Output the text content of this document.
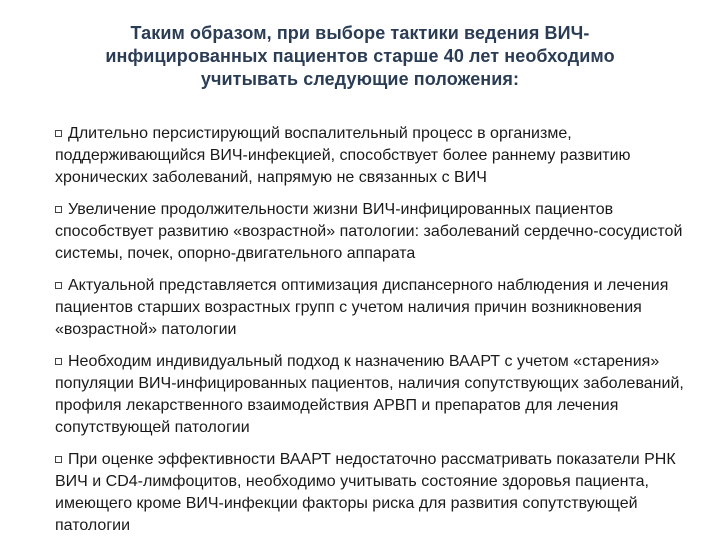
Таким образом, при выборе тактики ведения ВИЧ-инфицированных пациентов старше 40 лет необходимо учитывать следующие положения:
Длительно персистирующий воспалительный процесс в организме, поддерживающийся ВИЧ-инфекцией, способствует более раннему развитию хронических заболеваний, напрямую не связанных с ВИЧ
Увеличение продолжительности жизни ВИЧ-инфицированных пациентов способствует развитию «возрастной» патологии: заболеваний сердечно-сосудистой системы, почек, опорно-двигательного аппарата
Актуальной представляется оптимизация диспансерного наблюдения и лечения пациентов старших возрастных групп с учетом наличия причин возникновения «возрастной» патологии
Необходим индивидуальный подход к назначению ВААРТ с учетом «старения» популяции ВИЧ-инфицированных пациентов, наличия сопутствующих заболеваний, профиля лекарственного взаимодействия АРВП и препаратов для лечения сопутствующей патологии
При оценке эффективности ВААРТ недостаточно рассматривать показатели РНК ВИЧ и CD4-лимфоцитов, необходимо учитывать состояние здоровья пациента, имеющего кроме ВИЧ-инфекции факторы риска для развития сопутствующей патологии
